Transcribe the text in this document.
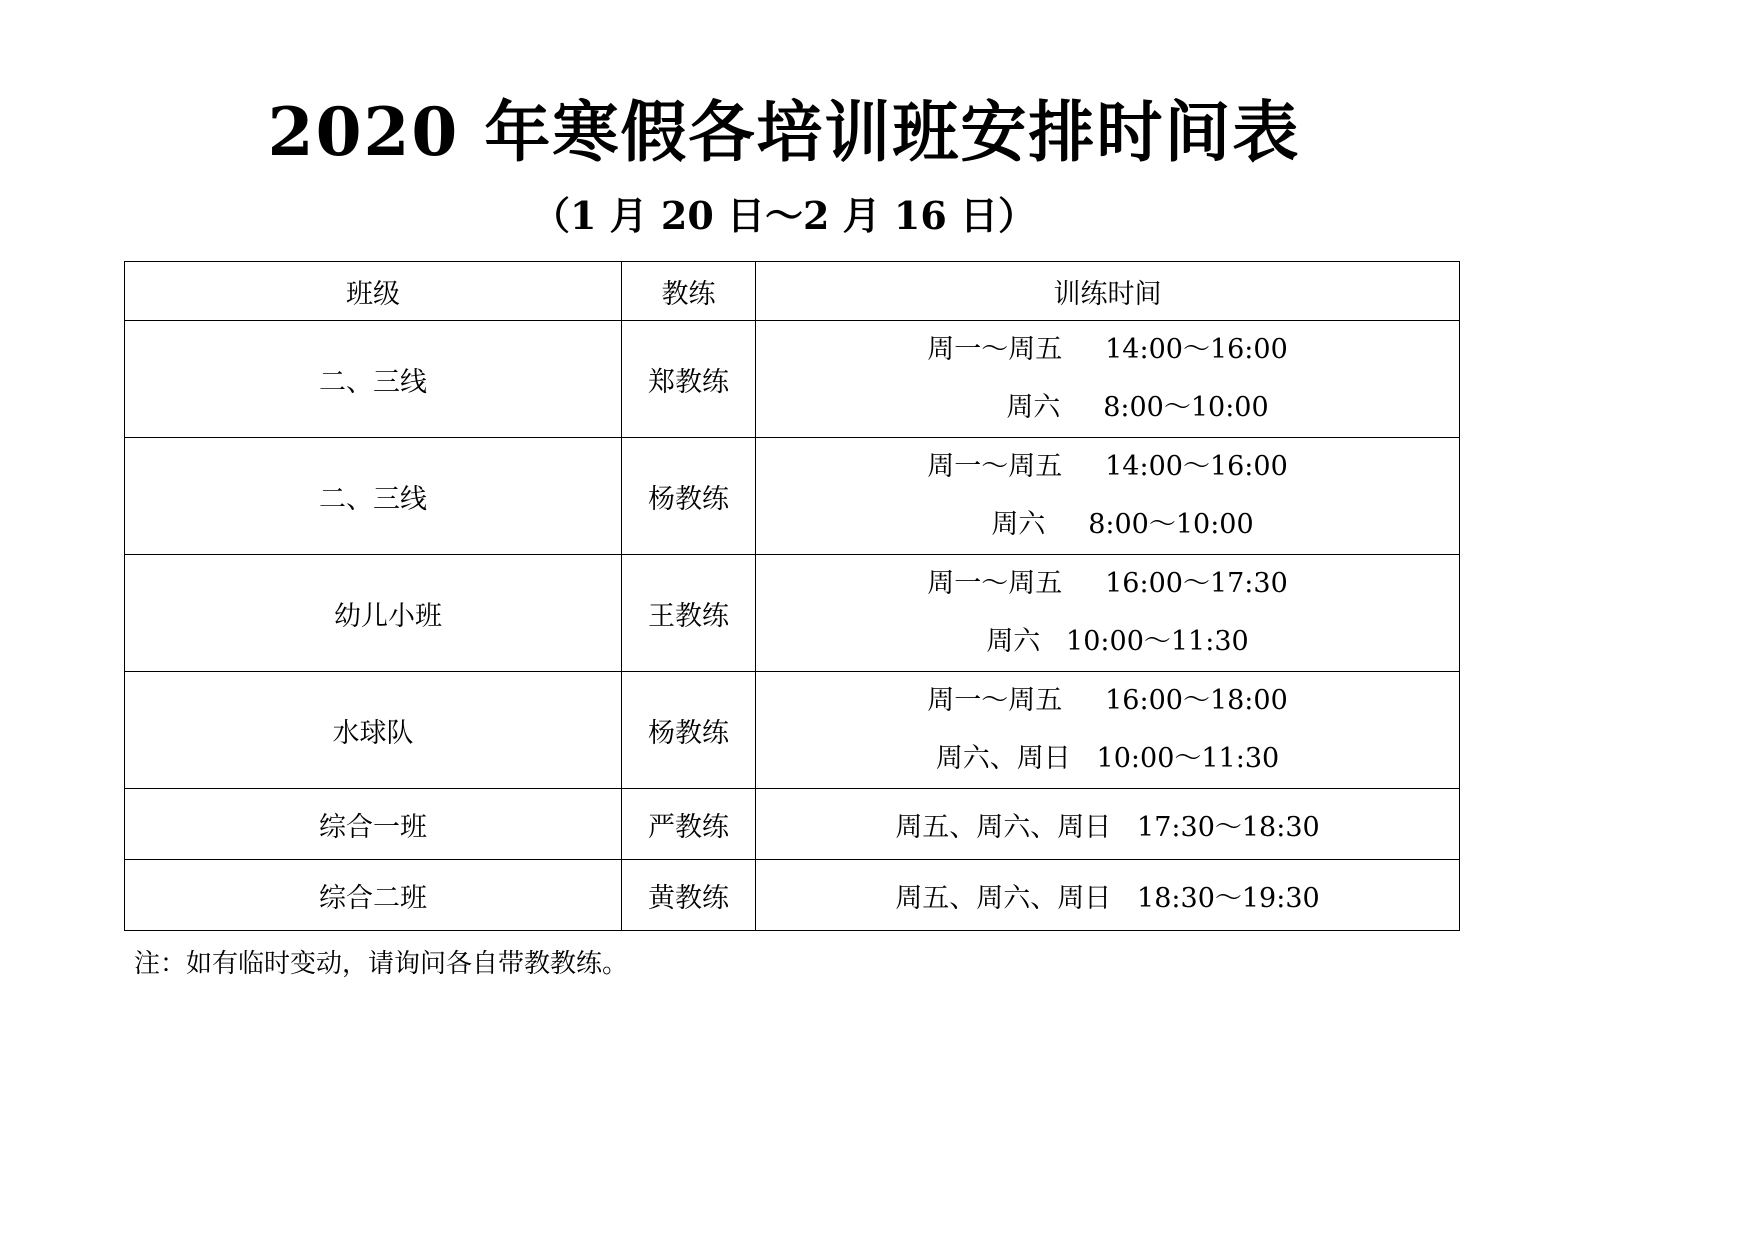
2020 年寒假各培训班安排时间表
（1 月 20 日～2 月 16 日）
班级	教练	训练时间
二、三线	郑教练	周一～周五     14:00～16:00
周六     8:00～10:00

二、三线	杨教练	周一～周五     14:00～16:00
周六     8:00～10:00

幼儿小班	王教练	周一～周五     16:00～17:30
周六   10:00～11:30

水球队	杨教练	周一～周五     16:00～18:00
周六、周日   10:00～11:30

综合一班	严教练	周五、周六、周日   17:30～18:30
综合二班	黄教练	周五、周六、周日   18:30～19:30
注：如有临时变动，请询问各自带教教练。
